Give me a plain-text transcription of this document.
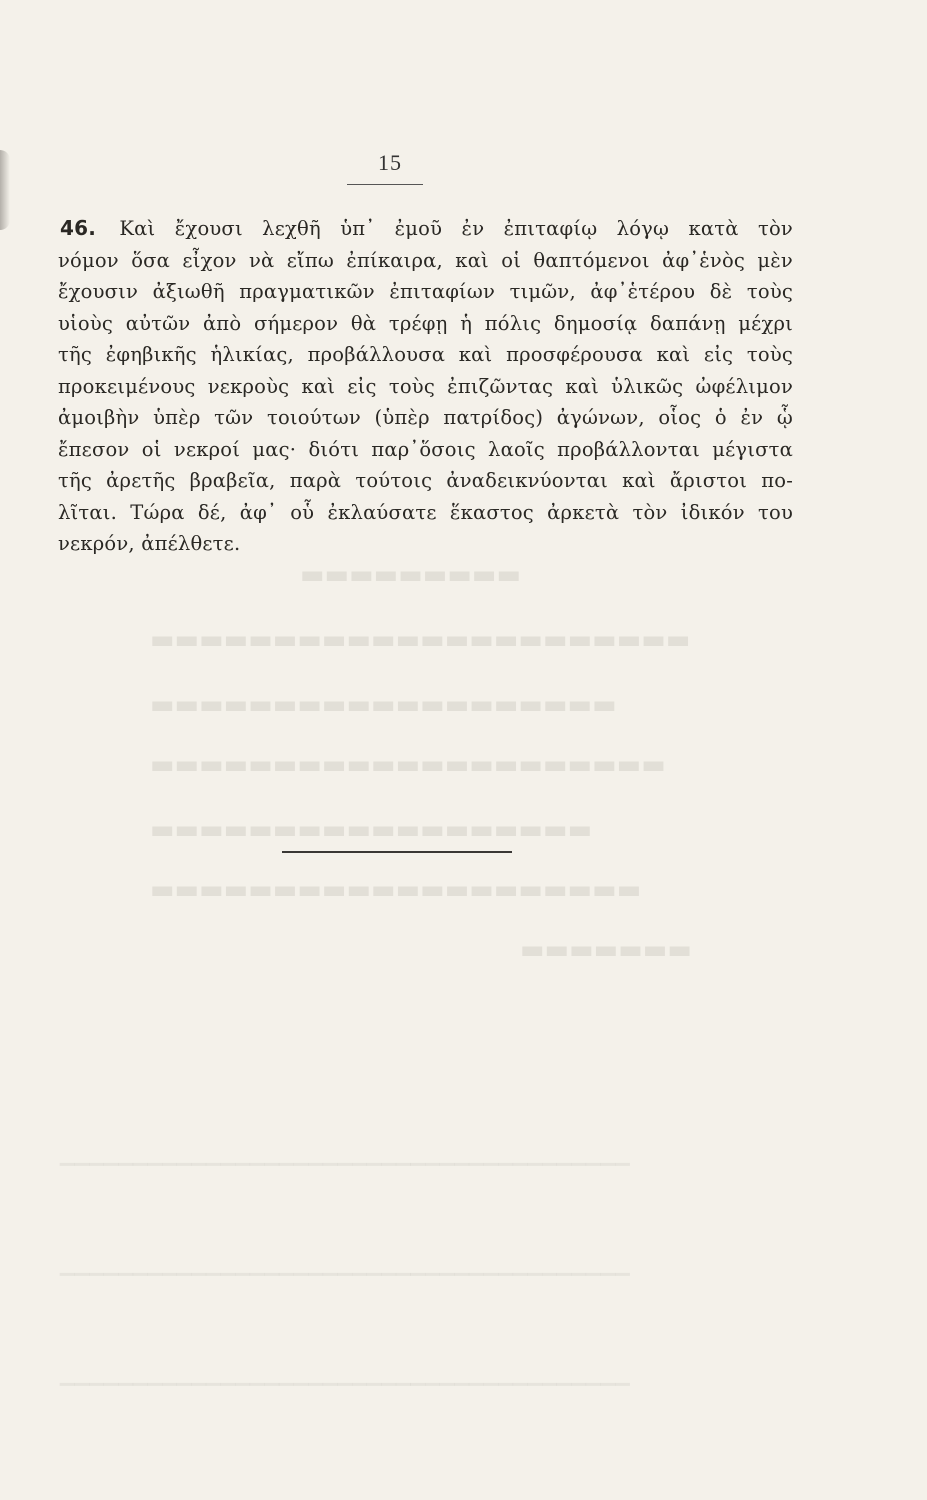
▬▬▬▬▬▬▬▬▬
▬▬▬▬▬▬▬▬▬▬▬▬▬▬▬▬▬▬▬▬▬▬
▬▬▬▬▬▬▬▬▬▬▬▬▬▬▬▬▬▬▬
▬▬▬▬▬▬▬▬▬▬▬▬▬▬▬▬▬▬▬▬▬
▬▬▬▬▬▬▬▬▬▬▬▬▬▬▬▬▬▬
▬▬▬▬▬▬▬▬▬▬▬▬▬▬▬▬▬▬▬▬
▬▬▬▬▬▬▬
▁▁▁▁▁▁▁▁▁▁▁▁▁▁▁▁▁▁▁▁▁▁▁▁▁▁▁▁▁▁▁▁▁▁▁▁▁▁▁
▁▁▁▁▁▁▁▁▁▁▁▁▁▁▁▁▁▁▁▁▁▁▁▁▁▁▁▁▁▁▁▁▁▁▁▁▁▁▁
▁▁▁▁▁▁▁▁▁▁▁▁▁▁▁▁▁▁▁▁▁▁▁▁▁▁▁▁▁▁▁▁▁▁▁▁▁▁▁
15
46. Καὶ ἔχουσι λεχθῆ ὑπ᾽ ἐμοῦ ἐν ἐπιταφίῳ λόγῳ κατὰ τὸν
νόμον ὅσα εἶχον νὰ εἴπω ἐπίκαιρα, καὶ οἱ θαπτόμενοι ἀφ᾽ἑνὸς μὲν
ἔχουσιν ἀξιωθῆ πραγματικῶν ἐπιταφίων τιμῶν, ἀφ᾽ἑτέρου δὲ τοὺς
υἱοὺς αὐτῶν ἀπὸ σήμερον θὰ τρέφῃ ἡ πόλις δημοσίᾳ δαπάνῃ μέχρι
τῆς ἐφηβικῆς ἡλικίας, προβάλλουσα καὶ προσφέρουσα καὶ εἰς τοὺς
προκειμένους νεκροὺς καὶ εἰς τοὺς ἐπιζῶντας καὶ ὑλικῶς ὠφέλιμον
ἀμοιβὴν ὑπὲρ τῶν τοιούτων (ὑπὲρ πατρίδος) ἀγώνων, οἷος ὁ ἐν ᾧ
ἔπεσον οἱ νεκροί μας· διότι παρ᾽ὅσοις λαοῖς προβάλλονται μέγιστα
τῆς ἀρετῆς βραβεῖα, παρὰ τούτοις ἀναδεικνύονται καὶ ἄριστοι πο-
λῖται. Τώρα δέ, ἀφ᾽ οὗ ἐκλαύσατε ἕκαστος ἀρκετὰ τὸν ἰδικόν του
νεκρόν, ἀπέλθετε.
